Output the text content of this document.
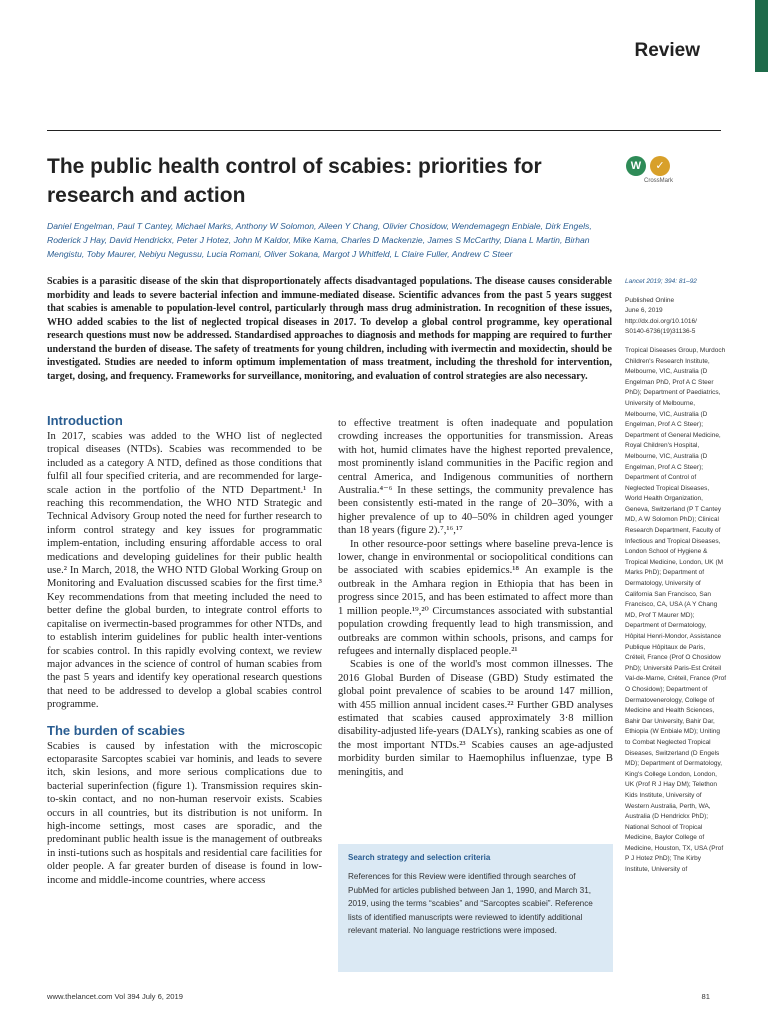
Review
The public health control of scabies: priorities for research and action
W	✓
CrossMark
Daniel Engelman, Paul T Cantey, Michael Marks, Anthony W Solomon, Aileen Y Chang, Olivier Chosidow, Wendemagegn Enbiale, Dirk Engels, Roderick J Hay, David Hendrickx, Peter J Hotez, John M Kaldor, Mike Kama, Charles D Mackenzie, James S McCarthy, Diana L Martin, Birhan Mengistu, Toby Maurer, Nebiyu Negussu, Lucia Romani, Oliver Sokana, Margot J Whitfeld, L Claire Fuller, Andrew C Steer
Scabies is a parasitic disease of the skin that disproportionately affects disadvantaged populations. The disease causes considerable morbidity and leads to severe bacterial infection and immune-mediated disease. Scientific advances from the past 5 years suggest that scabies is amenable to population-level control, particularly through mass drug administration. In recognition of these issues, WHO added scabies to the list of neglected tropical diseases in 2017. To develop a global control programme, key operational research questions must now be addressed. Standardised approaches to diagnosis and methods for mapping are required to further understand the burden of disease. The safety of treatments for young children, including with ivermectin and moxidectin, should be investigated. Studies are needed to inform optimum implementation of mass treatment, including the threshold for intervention, target, dosing, and frequency. Frameworks for surveillance, monitoring, and evaluation of control strategies are also necessary.
Introduction

In 2017, scabies was added to the WHO list of neglected tropical diseases (NTDs). Scabies was recommended to be included as a category A NTD, defined as those conditions that fulfil all four specified criteria, and are recommended for large-scale action in the portfolio of the NTD Department.¹ In reaching this recommendation, the WHO NTD Strategic and Technical Advisory Group noted the need for further research to inform control strategy and key issues for programmatic implem-entation, including ensuring affordable access to oral medications and developing guidelines for their public health use.² In March, 2018, the WHO NTD Global Working Group on Monitoring and Evaluation discussed scabies for the first time.³ Key recommendations from that meeting included the need to better define the global burden, to integrate control efforts to capitalise on ivermectin-based programmes for other NTDs, and to establish interim guidelines for public health inter-ventions for scabies control. In this rapidly evolving context, we review major advances in the science of control of human scabies from the past 5 years and identify key operational research questions that need to be addressed to develop a global scabies control programme.

The burden of scabies

Scabies is caused by infestation with the microscopic ectoparasite Sarcoptes scabiei var hominis, and leads to severe itch, skin lesions, and more serious complications due to bacterial superinfection (figure 1). Transmission requires skin-to-skin contact, and no non-human reservoir exists. Scabies occurs in all countries, but its distribution is not uniform. In high-income settings, most cases are sporadic, and the predominant public health issue is the management of outbreaks in insti-tutions such as hospitals and residential care facilities for older people. A far greater burden of disease is found in low-income and middle-income countries, where access

to effective treatment is often inadequate and population crowding increases the opportunities for transmission. Areas with hot, humid climates have the highest reported prevalence, most prominently island communities in the Pacific region and central America, and Indigenous communities of northern Australia.⁴⁻⁶ In these settings, the community prevalence has been consistently esti-mated in the range of 20–30%, with a higher prevalence of up to 40–50% in children aged younger than 18 years (figure 2).⁷,¹⁶,¹⁷

In other resource-poor settings where baseline preva-lence is lower, change in environmental or sociopolitical conditions can be associated with scabies epidemics.¹⁸ An example is the outbreak in the Amhara region in Ethiopia that has been in progress since 2015, and has been estimated to affect more than 1 million people.¹⁹,²⁰ Circumstances associated with substantial population crowding frequently lead to high transmission, and outbreaks are common within schools, prisons, and camps for refugees and internally displaced people.²¹

Scabies is one of the world's most common illnesses. The 2016 Global Burden of Disease (GBD) Study estimated the global point prevalence of scabies to be around 147 million, with 455 million annual incident cases.²² Further GBD analyses estimated that scabies caused approximately 3·8 million disability-adjusted life-years (DALYs), ranking scabies as one of the most important NTDs.²³ Scabies causes an age-adjusted morbidity burden similar to Haemophilus influenzae, type B meningitis, and

Search strategy and selection criteria
References for this Review were identified through searches of PubMed for articles published between Jan 1, 1990, and March 31, 2019, using the terms “scabies” and “Sarcoptes scabiei”. Reference lists of identified manuscripts were reviewed to identify additional relevant material. No language restrictions were imposed.
Lancet 2019; 394: 81–92
Published Online
June 6, 2019
http://dx.doi.org/10.1016/
S0140-6736(19)31136-5
Tropical Diseases Group, Murdoch Children's Research Institute, Melbourne, VIC, Australia (D Engelman PhD, Prof A C Steer PhD); Department of Paediatrics, University of Melbourne, Melbourne, VIC, Australia (D Engelman, Prof A C Steer); Department of General Medicine, Royal Children's Hospital, Melbourne, VIC, Australia (D Engelman, Prof A C Steer); Department of Control of Neglected Tropical Diseases, World Health Organization, Geneva, Switzerland (P T Cantey MD, A W Solomon PhD); Clinical Research Department, Faculty of Infectious and Tropical Diseases, London School of Hygiene & Tropical Medicine, London, UK (M Marks PhD); Department of Dermatology, University of California San Francisco, San Francisco, CA, USA (A Y Chang MD, Prof T Maurer MD); Department of Dermatology, Hôpital Henri-Mondor, Assistance Publique Hôpitaux de Paris, Créteil, France (Prof O Chosidow PhD); Université Paris-Est Créteil Val-de-Marne, Créteil, France (Prof O Chosidow); Department of Dermatovenerology, College of Medicine and Health Sciences, Bahir Dar University, Bahir Dar, Ethiopia (W Enbiale MD); Uniting to Combat Neglected Tropical Diseases, Switzerland (D Engels MD); Department of Dermatology, King's College London, London, UK (Prof R J Hay DM); Telethon Kids Institute, University of Western Australia, Perth, WA, Australia (D Hendrickx PhD); National School of Tropical Medicine, Baylor College of Medicine, Houston, TX, USA (Prof P J Hotez PhD); The Kirby Institute, University of
www.thelancet.com Vol 394 July 6, 2019	81
